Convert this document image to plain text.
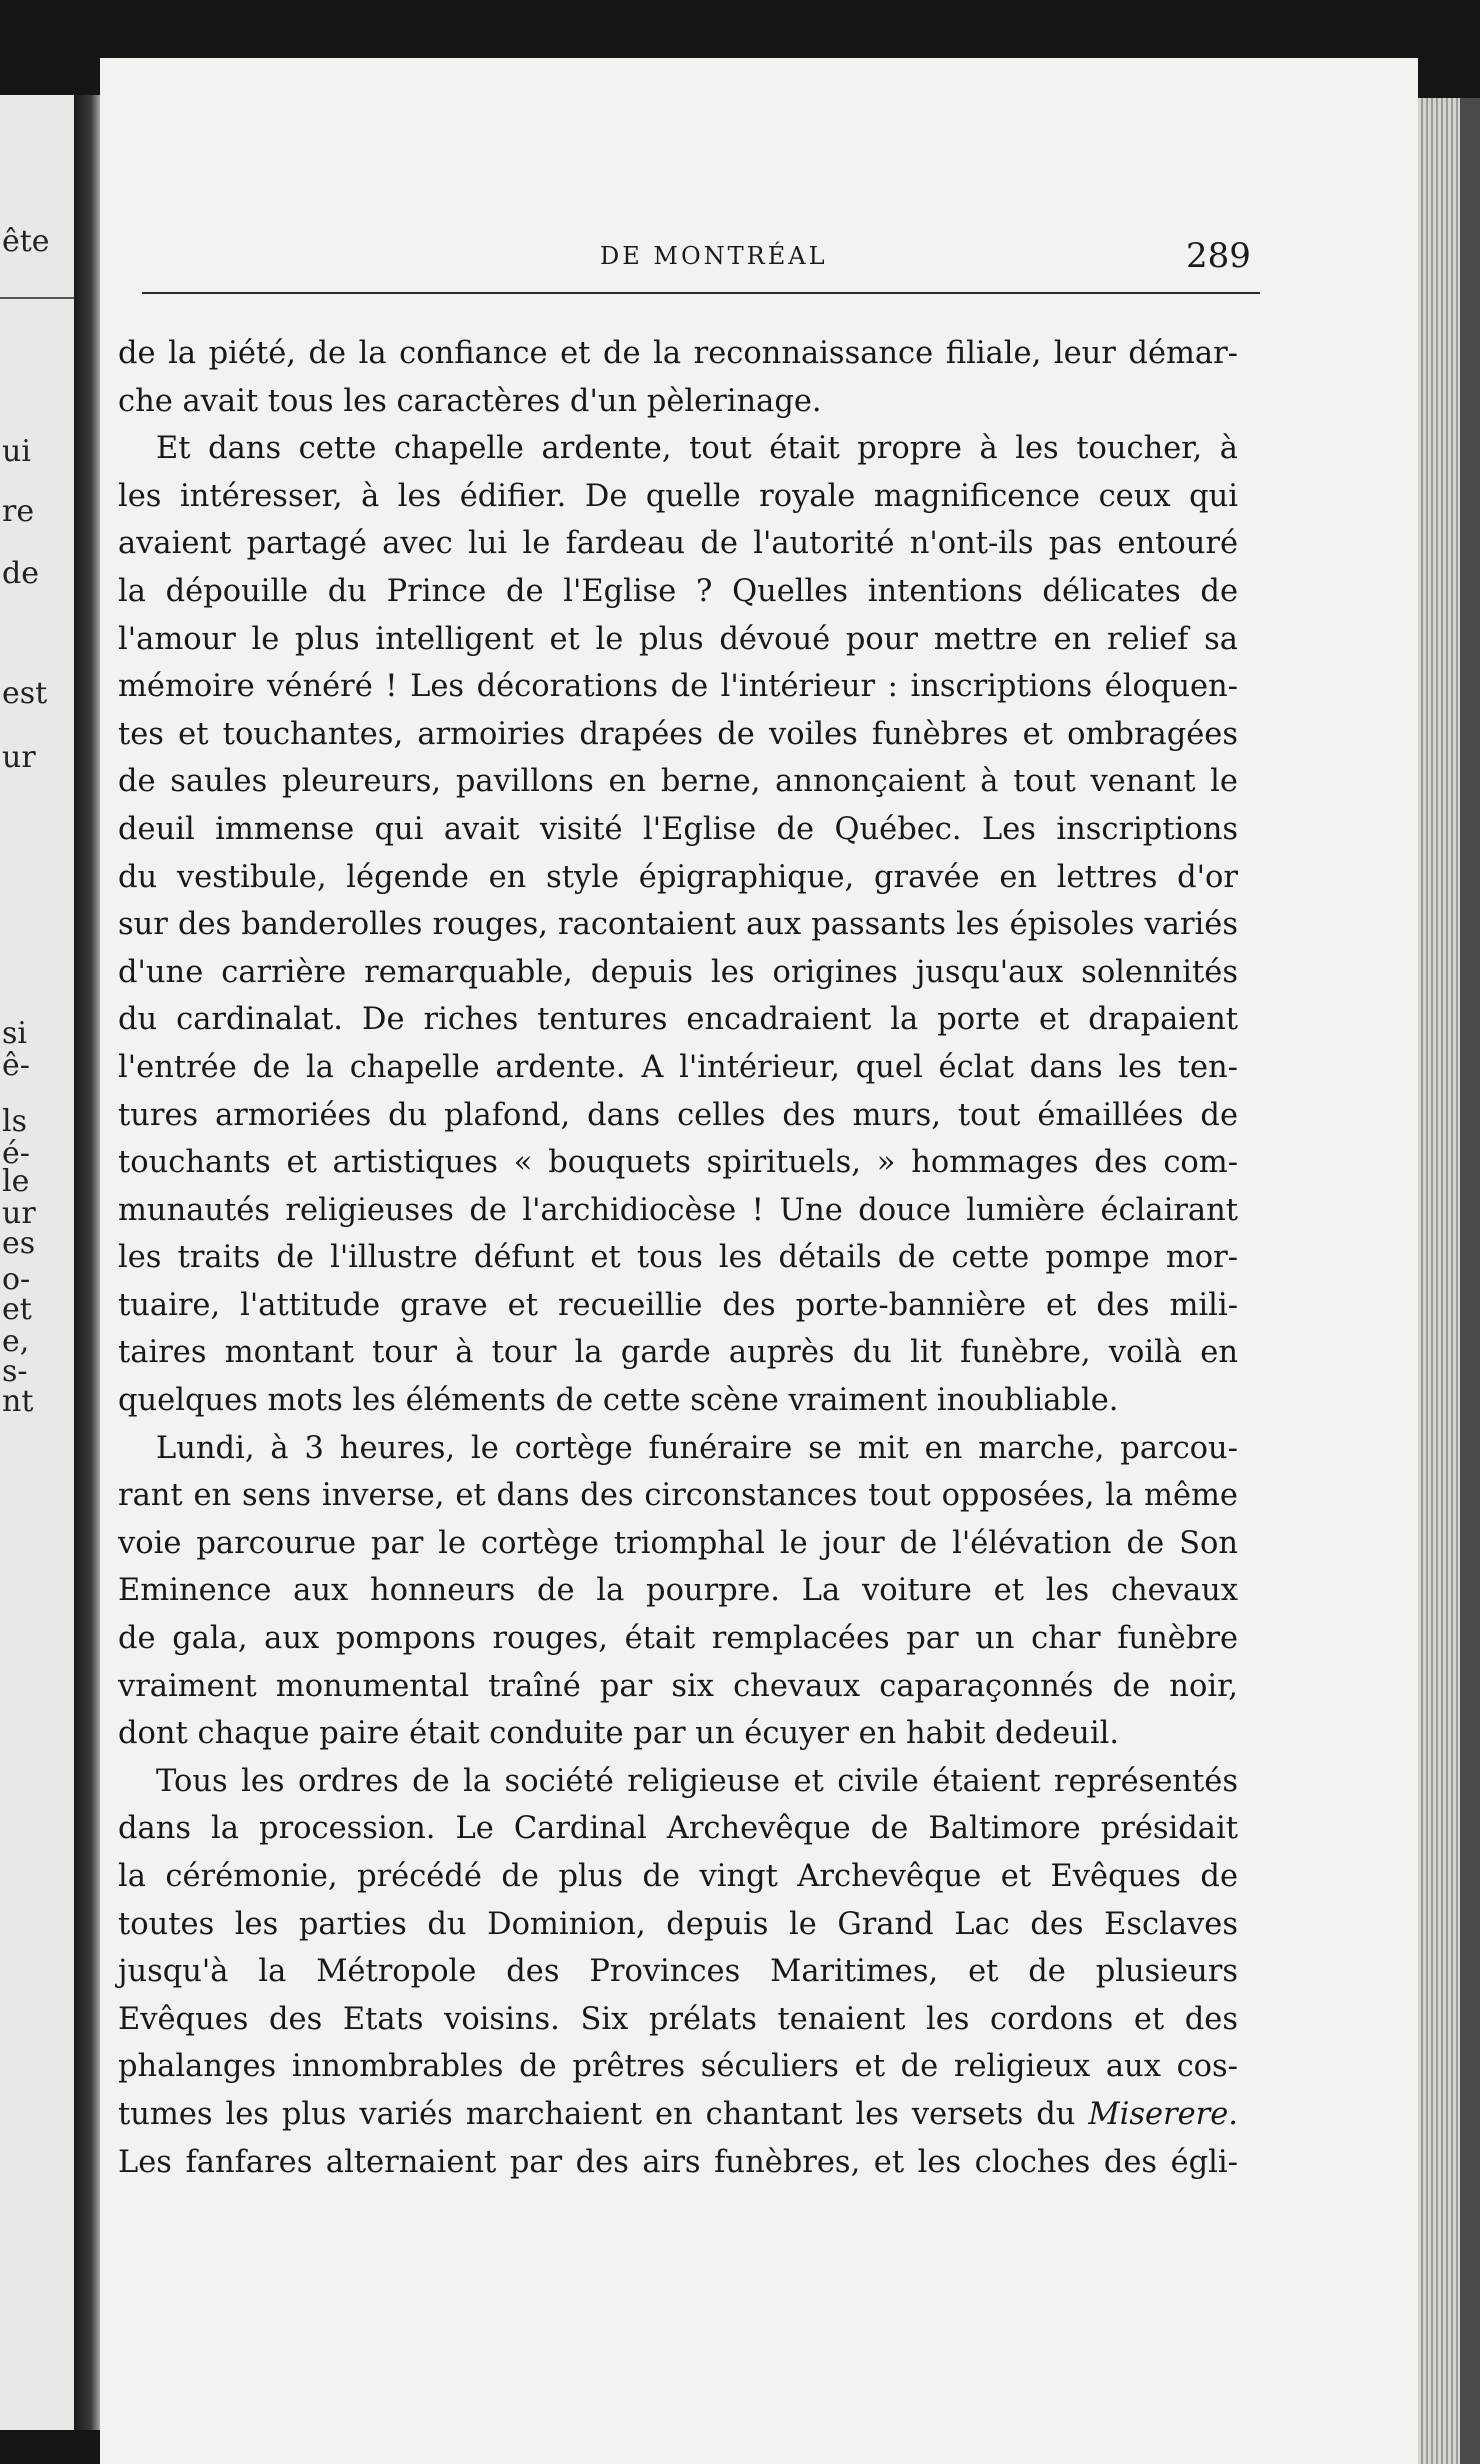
ête
ui
re
de
est
ur
si
ê-
ls
é-
le
ur
es
o-
et
e,
s-
nt
DE MONTRÉAL	289
de la piété, de la confiance et de la reconnaissance filiale, leur démar-
che avait tous les caractères d'un pèlerinage.
Et dans cette chapelle ardente, tout était propre à les toucher, à
les intéresser, à les édifier. De quelle royale magnificence ceux qui
avaient partagé avec lui le fardeau de l'autorité n'ont-ils pas entouré
la dépouille du Prince de l'Eglise ? Quelles intentions délicates de
l'amour le plus intelligent et le plus dévoué pour mettre en relief sa
mémoire vénéré ! Les décorations de l'intérieur : inscriptions éloquen-
tes et touchantes, armoiries drapées de voiles funèbres et ombragées
de saules pleureurs, pavillons en berne, annonçaient à tout venant le
deuil immense qui avait visité l'Eglise de Québec. Les inscriptions
du vestibule, légende en style épigraphique, gravée en lettres d'or
sur des banderolles rouges, racontaient aux passants les épisoles variés
d'une carrière remarquable, depuis les origines jusqu'aux solennités
du cardinalat. De riches tentures encadraient la porte et drapaient
l'entrée de la chapelle ardente. A l'intérieur, quel éclat dans les ten-
tures armoriées du plafond, dans celles des murs, tout émaillées de
touchants et artistiques « bouquets spirituels, » hommages des com-
munautés religieuses de l'archidiocèse ! Une douce lumière éclairant
les traits de l'illustre défunt et tous les détails de cette pompe mor-
tuaire, l'attitude grave et recueillie des porte-bannière et des mili-
taires montant tour à tour la garde auprès du lit funèbre, voilà en
quelques mots les éléments de cette scène vraiment inoubliable.
Lundi, à 3 heures, le cortège funéraire se mit en marche, parcou-
rant en sens inverse, et dans des circonstances tout opposées, la même
voie parcourue par le cortège triomphal le jour de l'élévation de Son
Eminence aux honneurs de la pourpre. La voiture et les chevaux
de gala, aux pompons rouges, était remplacées par un char funèbre
vraiment monumental traîné par six chevaux caparaçonnés de noir,
dont chaque paire était conduite par un écuyer en habit dedeuil.
Tous les ordres de la société religieuse et civile étaient représentés
dans la procession. Le Cardinal Archevêque de Baltimore présidait
la cérémonie, précédé de plus de vingt Archevêque et Evêques de
toutes les parties du Dominion, depuis le Grand Lac des Esclaves
jusqu'à la Métropole des Provinces Maritimes, et de plusieurs
Evêques des Etats voisins. Six prélats tenaient les cordons et des
phalanges innombrables de prêtres séculiers et de religieux aux cos-
tumes les plus variés marchaient en chantant les versets du Miserere.
Les fanfares alternaient par des airs funèbres, et les cloches des égli-
